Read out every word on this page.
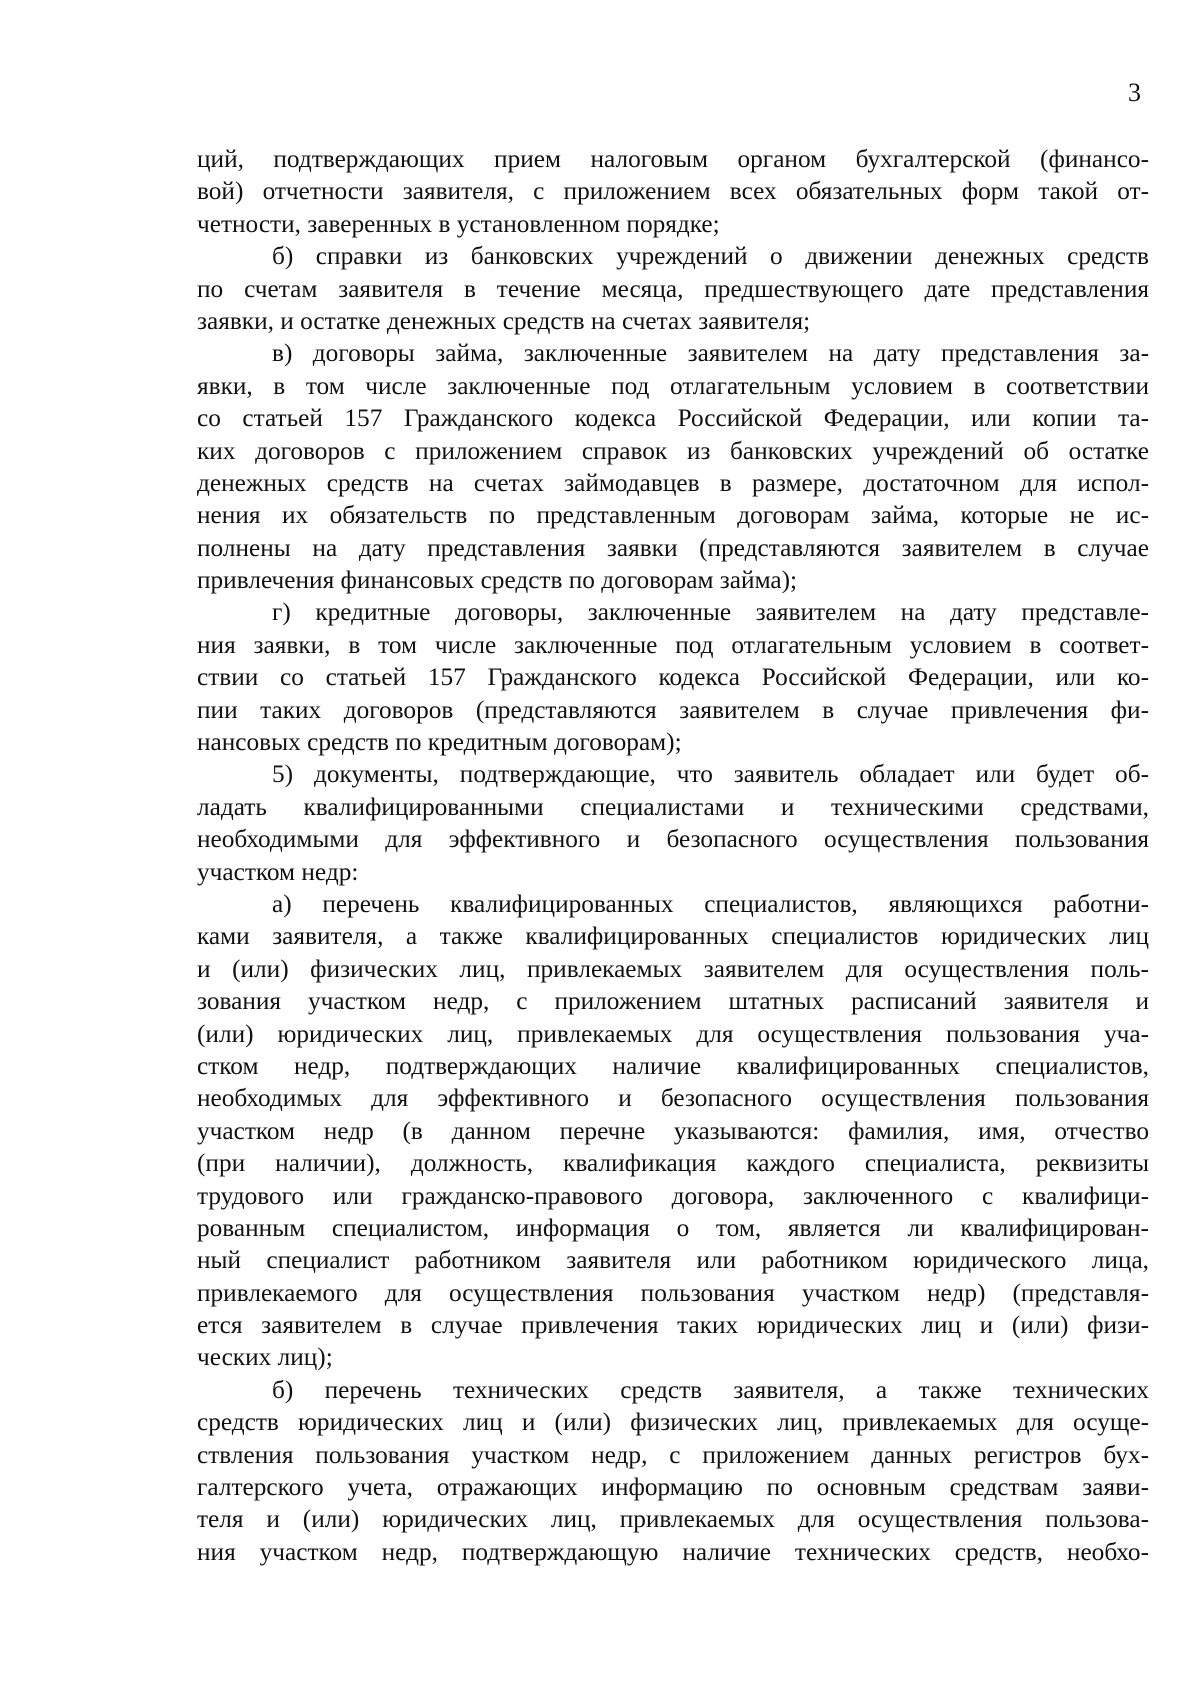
3
ций, подтверждающих прием налоговым органом бухгалтерской (финансо-
вой) отчетности заявителя, с приложением всех обязательных форм такой от-
четности, заверенных в установленном порядке;
б) справки из банковских учреждений о движении денежных средств
по счетам заявителя в течение месяца, предшествующего дате представления
заявки, и остатке денежных средств на счетах заявителя;
в) договоры займа, заключенные заявителем на дату представления за-
явки, в том числе заключенные под отлагательным условием в соответствии
со статьей 157 Гражданского кодекса Российской Федерации, или копии та-
ких договоров с приложением справок из банковских учреждений об остатке
денежных средств на счетах займодавцев в размере, достаточном для испол-
нения их обязательств по представленным договорам займа, которые не ис-
полнены на дату представления заявки (представляются заявителем в случае
привлечения финансовых средств по договорам займа);
г) кредитные договоры, заключенные заявителем на дату представле-
ния заявки, в том числе заключенные под отлагательным условием в соответ-
ствии со статьей 157 Гражданского кодекса Российской Федерации, или ко-
пии таких договоров (представляются заявителем в случае привлечения фи-
нансовых средств по кредитным договорам);
5) документы, подтверждающие, что заявитель обладает или будет об-
ладать квалифицированными специалистами и техническими средствами,
необходимыми для эффективного и безопасного осуществления пользования
участком недр:
а) перечень квалифицированных специалистов, являющихся работни-
ками заявителя, а также квалифицированных специалистов юридических лиц
и (или) физических лиц, привлекаемых заявителем для осуществления поль-
зования участком недр, с приложением штатных расписаний заявителя и
(или) юридических лиц, привлекаемых для осуществления пользования уча-
стком недр, подтверждающих наличие квалифицированных специалистов,
необходимых для эффективного и безопасного осуществления пользования
участком недр (в данном перечне указываются: фамилия, имя, отчество
(при наличии), должность, квалификация каждого специалиста, реквизиты
трудового или гражданско-правового договора, заключенного с квалифици-
рованным специалистом, информация о том, является ли квалифицирован-
ный специалист работником заявителя или работником юридического лица,
привлекаемого для осуществления пользования участком недр) (представля-
ется заявителем в случае привлечения таких юридических лиц и (или) физи-
ческих лиц);
б) перечень технических средств заявителя, а также технических
средств юридических лиц и (или) физических лиц, привлекаемых для осуще-
ствления пользования участком недр, с приложением данных регистров бух-
галтерского учета, отражающих информацию по основным средствам заяви-
теля и (или) юридических лиц, привлекаемых для осуществления пользова-
ния участком недр, подтверждающую наличие технических средств, необхо-
